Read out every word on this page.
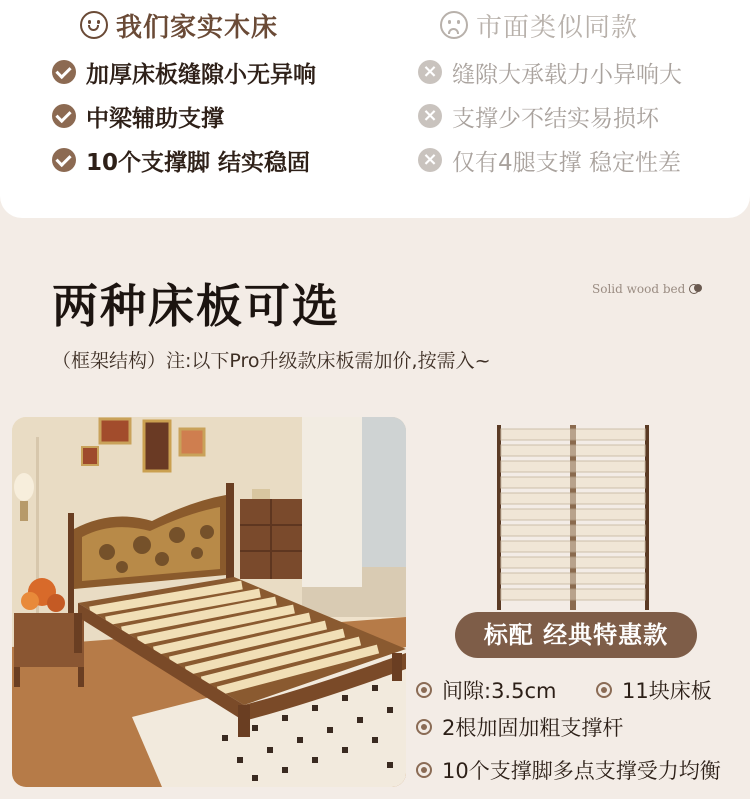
我们家实木床
加厚床板缝隙小无异响
中梁辅助支撑
10个支撑脚 结实稳固
市面类似同款
× 缝隙大承载力小异响大
× 支撑少不结实易损坏
× 仅有4腿支撑 稳定性差
两种床板可选	Solid wood bed
（框架结构）注:以下Pro升级款床板需加价,按需入~
标配 经典特惠款
间隙:3.5cm	11块床板
2根加固加粗支撑杆
10个支撑脚多点支撑受力均衡
